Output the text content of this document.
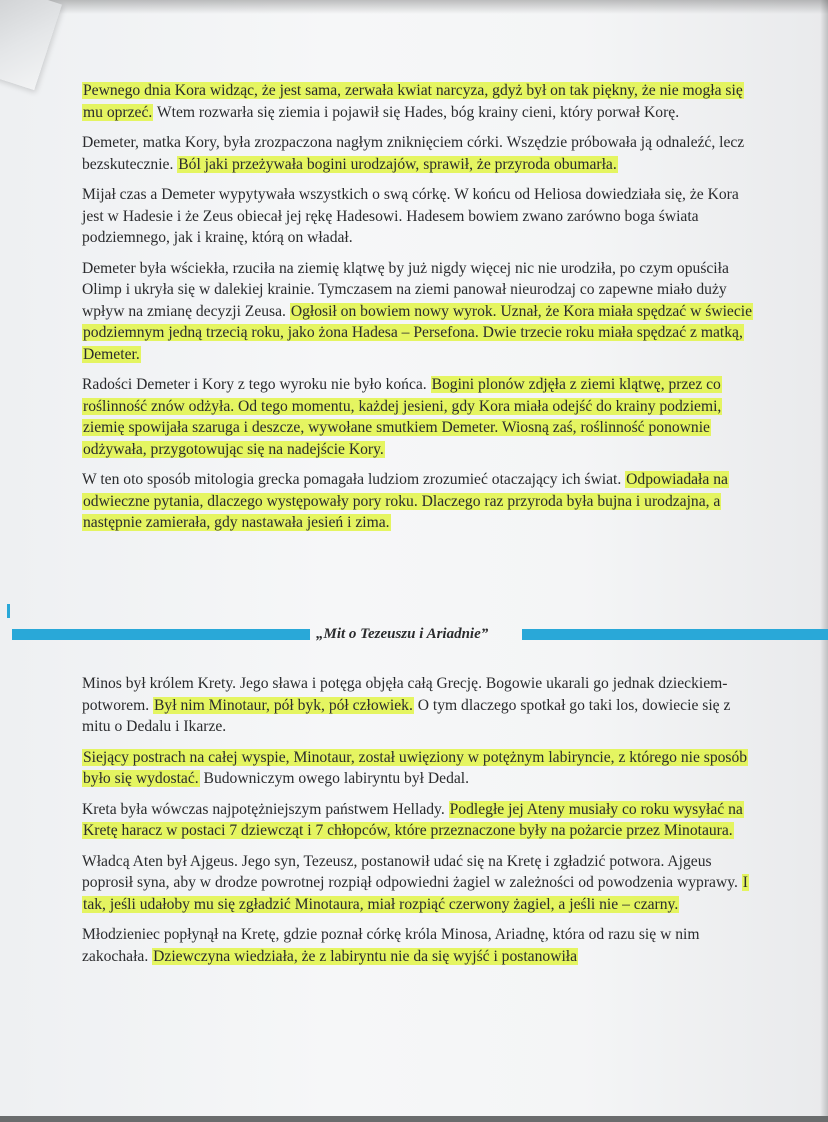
Pewnego dnia Kora widząc, że jest sama, zerwała kwiat narcyza, gdyż był on tak piękny, że nie mogła się mu oprzeć. Wtem rozwarła się ziemia i pojawił się Hades, bóg krainy cieni, który porwał Korę.

Demeter, matka Kory, była zrozpaczona nagłym zniknięciem córki. Wszędzie próbowała ją odnaleźć, lecz bezskutecznie. Ból jaki przeżywała bogini urodzajów, sprawił, że przyroda obumarła.

Mijał czas a Demeter wypytywała wszystkich o swą córkę. W końcu od Heliosa dowiedziała się, że Kora jest w Hadesie i że Zeus obiecał jej rękę Hadesowi. Hadesem bowiem zwano zarówno boga świata podziemnego, jak i krainę, którą on władał.

Demeter była wściekła, rzuciła na ziemię klątwę by już nigdy więcej nic nie urodziła, po czym opuściła Olimp i ukryła się w dalekiej krainie. Tymczasem na ziemi panował nieurodzaj co zapewne miało duży wpływ na zmianę decyzji Zeusa. Ogłosił on bowiem nowy wyrok. Uznał, że Kora miała spędzać w świecie podziemnym jedną trzecią roku, jako żona Hadesa – Persefona. Dwie trzecie roku miała spędzać z matką, Demeter.

Radości Demeter i Kory z tego wyroku nie było końca. Bogini plonów zdjęła z ziemi klątwę, przez co roślinność znów odżyła. Od tego momentu, każdej jesieni, gdy Kora miała odejść do krainy podziemi, ziemię spowijała szaruga i deszcze, wywołane smutkiem Demeter. Wiosną zaś, roślinność ponownie odżywała, przygotowując się na nadejście Kory.

W ten oto sposób mitologia grecka pomagała ludziom zrozumieć otaczający ich świat. Odpowiadała na odwieczne pytania, dlaczego występowały pory roku. Dlaczego raz przyroda była bujna i urodzajna, a następnie zamierała, gdy nastawała jesień i zima.

„Mit o Tezeuszu i Ariadnie”

Minos był królem Krety. Jego sława i potęga objęła całą Grecję. Bogowie ukarali go jednak dzieckiem-potworem. Był nim Minotaur, pół byk, pół człowiek. O tym dlaczego spotkał go taki los, dowiecie się z mitu o Dedalu i Ikarze.

Siejący postrach na całej wyspie, Minotaur, został uwięziony w potężnym labiryncie, z którego nie sposób było się wydostać. Budowniczym owego labiryntu był Dedal.

Kreta była wówczas najpotężniejszym państwem Hellady. Podległe jej Ateny musiały co roku wysyłać na Kretę haracz w postaci 7 dziewcząt i 7 chłopców, które przeznaczone były na pożarcie przez Minotaura.

Władcą Aten był Ajgeus. Jego syn, Tezeusz, postanowił udać się na Kretę i zgładzić potwora. Ajgeus poprosił syna, aby w drodze powrotnej rozpiął odpowiedni żagiel w zależności od powodzenia wyprawy. I tak, jeśli udałoby mu się zgładzić Minotaura, miał rozpiąć czerwony żagiel, a jeśli nie – czarny.

Młodzieniec popłynął na Kretę, gdzie poznał córkę króla Minosa, Ariadnę, która od razu się w nim zakochała. Dziewczyna wiedziała, że z labiryntu nie da się wyjść i postanowiła
